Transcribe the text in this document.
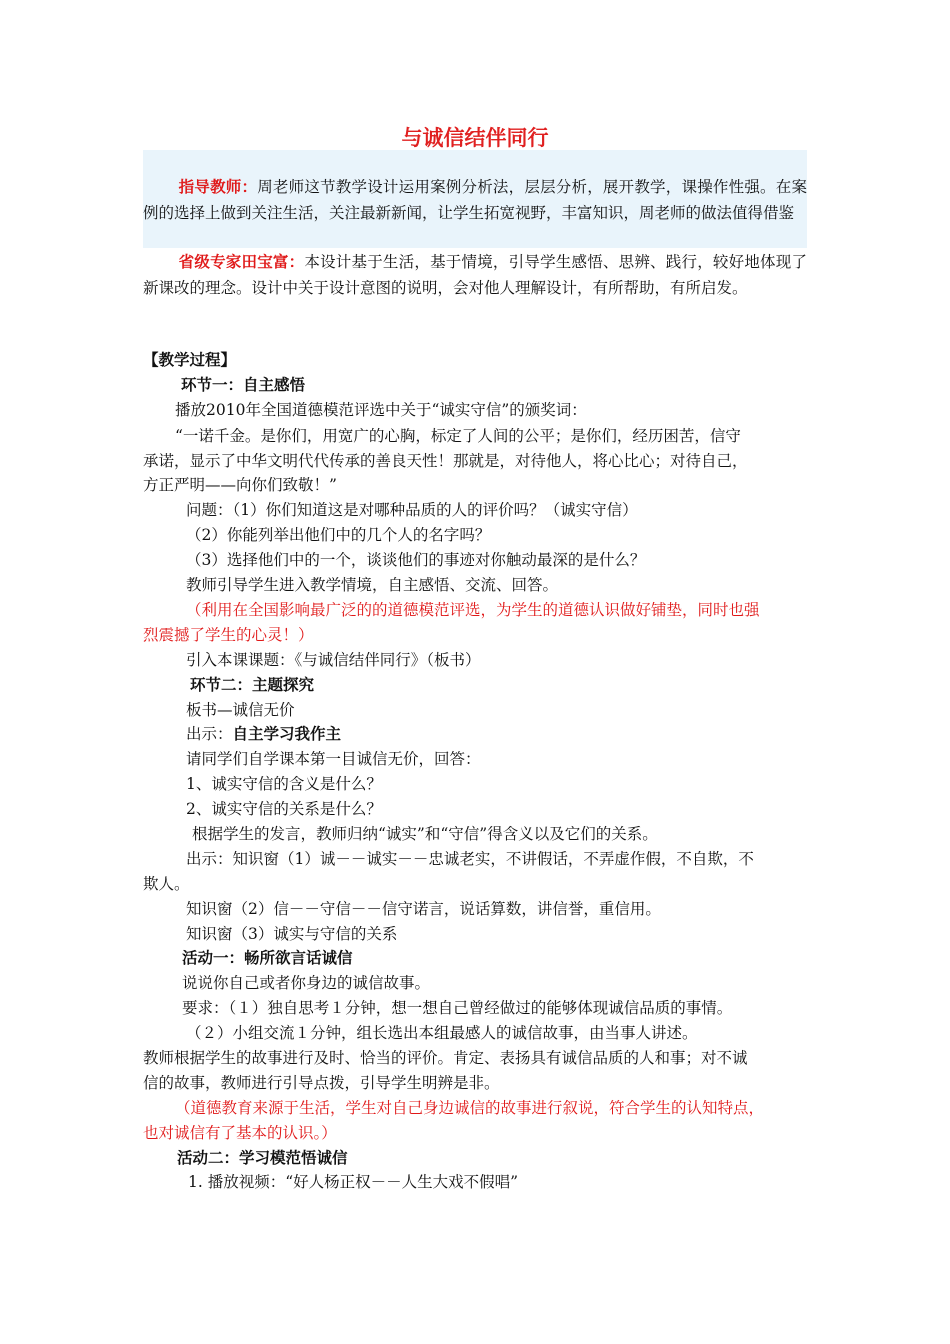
与诚信结伴同行
指导教师：周老师这节教学设计运用案例分析法，层层分析，展开教学，课操作性强。在案例的选择上做到关注生活，关注最新新闻，让学生拓宽视野，丰富知识，周老师的做法值得借鉴
省级专家田宝富：本设计基于生活，基于情境，引导学生感悟、思辨、践行，较好地体现了新课改的理念。设计中关于设计意图的说明，会对他人理解设计，有所帮助，有所启发。
【教学过程】
环节一：自主感悟
播放2010年全国道德模范评选中关于“诚实守信”的颁奖词：
“一诺千金。是你们，用宽广的心胸，标定了人间的公平；是你们，经历困苦，信守
承诺，显示了中华文明代代传承的善良天性！那就是，对待他人，将心比心；对待自己，
方正严明——向你们致敬！”
问题：（1）你们知道这是对哪种品质的人的评价吗？（诚实守信）
（2）你能列举出他们中的几个人的名字吗？
（3）选择他们中的一个，谈谈他们的事迹对你触动最深的是什么？
教师引导学生进入教学情境，自主感悟、交流、回答。
（利用在全国影响最广泛的的道德模范评选，为学生的道德认识做好铺垫，同时也强
烈震撼了学生的心灵！）
引入本课课题：《与诚信结伴同行》（板书）
环节二：主题探究
板书—诚信无价
出示：自主学习我作主
请同学们自学课本第一目诚信无价，回答：
1、诚实守信的含义是什么？
2、诚实守信的关系是什么？
根据学生的发言，教师归纳“诚实”和“守信”得含义以及它们的关系。
出示：知识窗（1）诚－－诚实－－忠诚老实，不讲假话，不弄虚作假，不自欺，不
欺人。
知识窗（2）信－－守信－－信守诺言，说话算数，讲信誉，重信用。
知识窗（3）诚实与守信的关系
活动一：畅所欲言话诚信
说说你自己或者你身边的诚信故事。
要求：（１）独自思考１分钟，想一想自己曾经做过的能够体现诚信品质的事情。
（２）小组交流１分钟，组长选出本组最感人的诚信故事，由当事人讲述。
教师根据学生的故事进行及时、恰当的评价。肯定、表扬具有诚信品质的人和事；对不诚
信的故事，教师进行引导点拨，引导学生明辨是非。
（道德教育来源于生活，学生对自己身边诚信的故事进行叙说，符合学生的认知特点，
也对诚信有了基本的认识。）
活动二：学习模范悟诚信
1. 播放视频：“好人杨正权－－人生大戏不假唱”
